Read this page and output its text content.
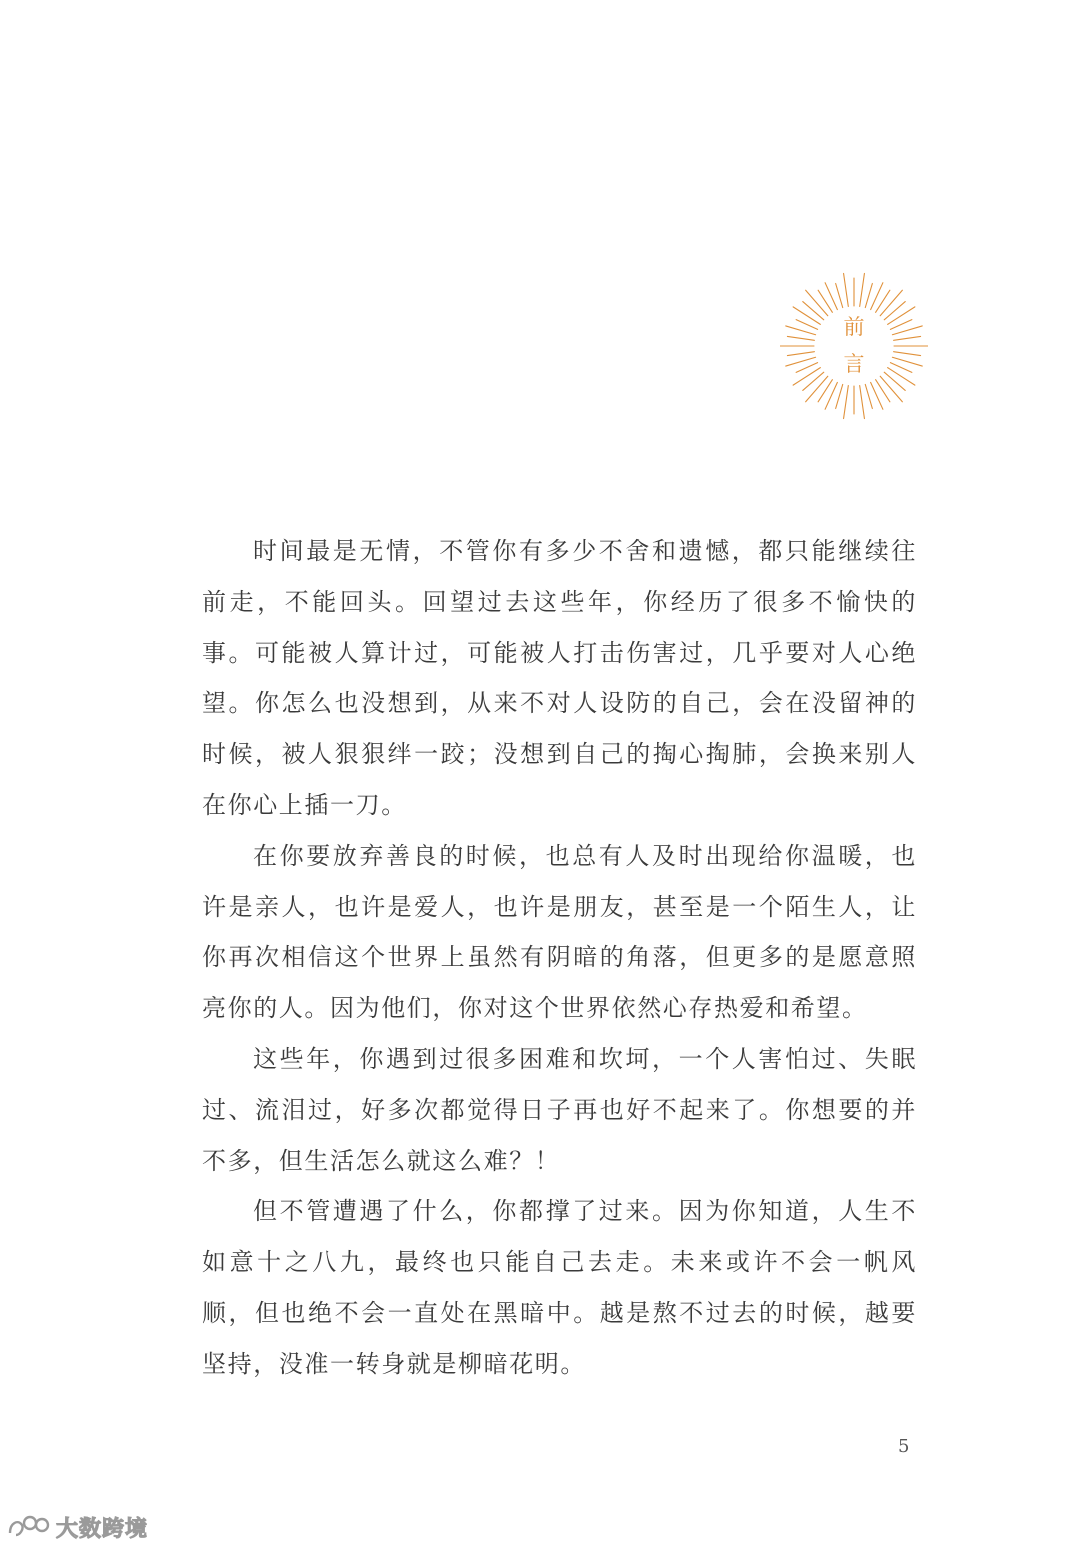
前
言

时间最是无情，不管你有多少不舍和遗憾，都只能继续往前走，不能回头。回望过去这些年，你经历了很多不愉快的事。可能被人算计过，可能被人打击伤害过，几乎要对人心绝望。你怎么也没想到，从来不对人设防的自己，会在没留神的时候，被人狠狠绊一跤；没想到自己的掏心掏肺，会换来别人在你心上插一刀。

在你要放弃善良的时候，也总有人及时出现给你温暖，也许是亲人，也许是爱人，也许是朋友，甚至是一个陌生人，让你再次相信这个世界上虽然有阴暗的角落，但更多的是愿意照亮你的人。因为他们，你对这个世界依然心存热爱和希望。

这些年，你遇到过很多困难和坎坷，一个人害怕过、失眠过、流泪过，好多次都觉得日子再也好不起来了。你想要的并不多，但生活怎么就这么难？！

但不管遭遇了什么，你都撑了过来。因为你知道，人生不如意十之八九，最终也只能自己去走。未来或许不会一帆风顺，但也绝不会一直处在黑暗中。越是熬不过去的时候，越要坚持，没准一转身就是柳暗花明。

5
大数跨境
